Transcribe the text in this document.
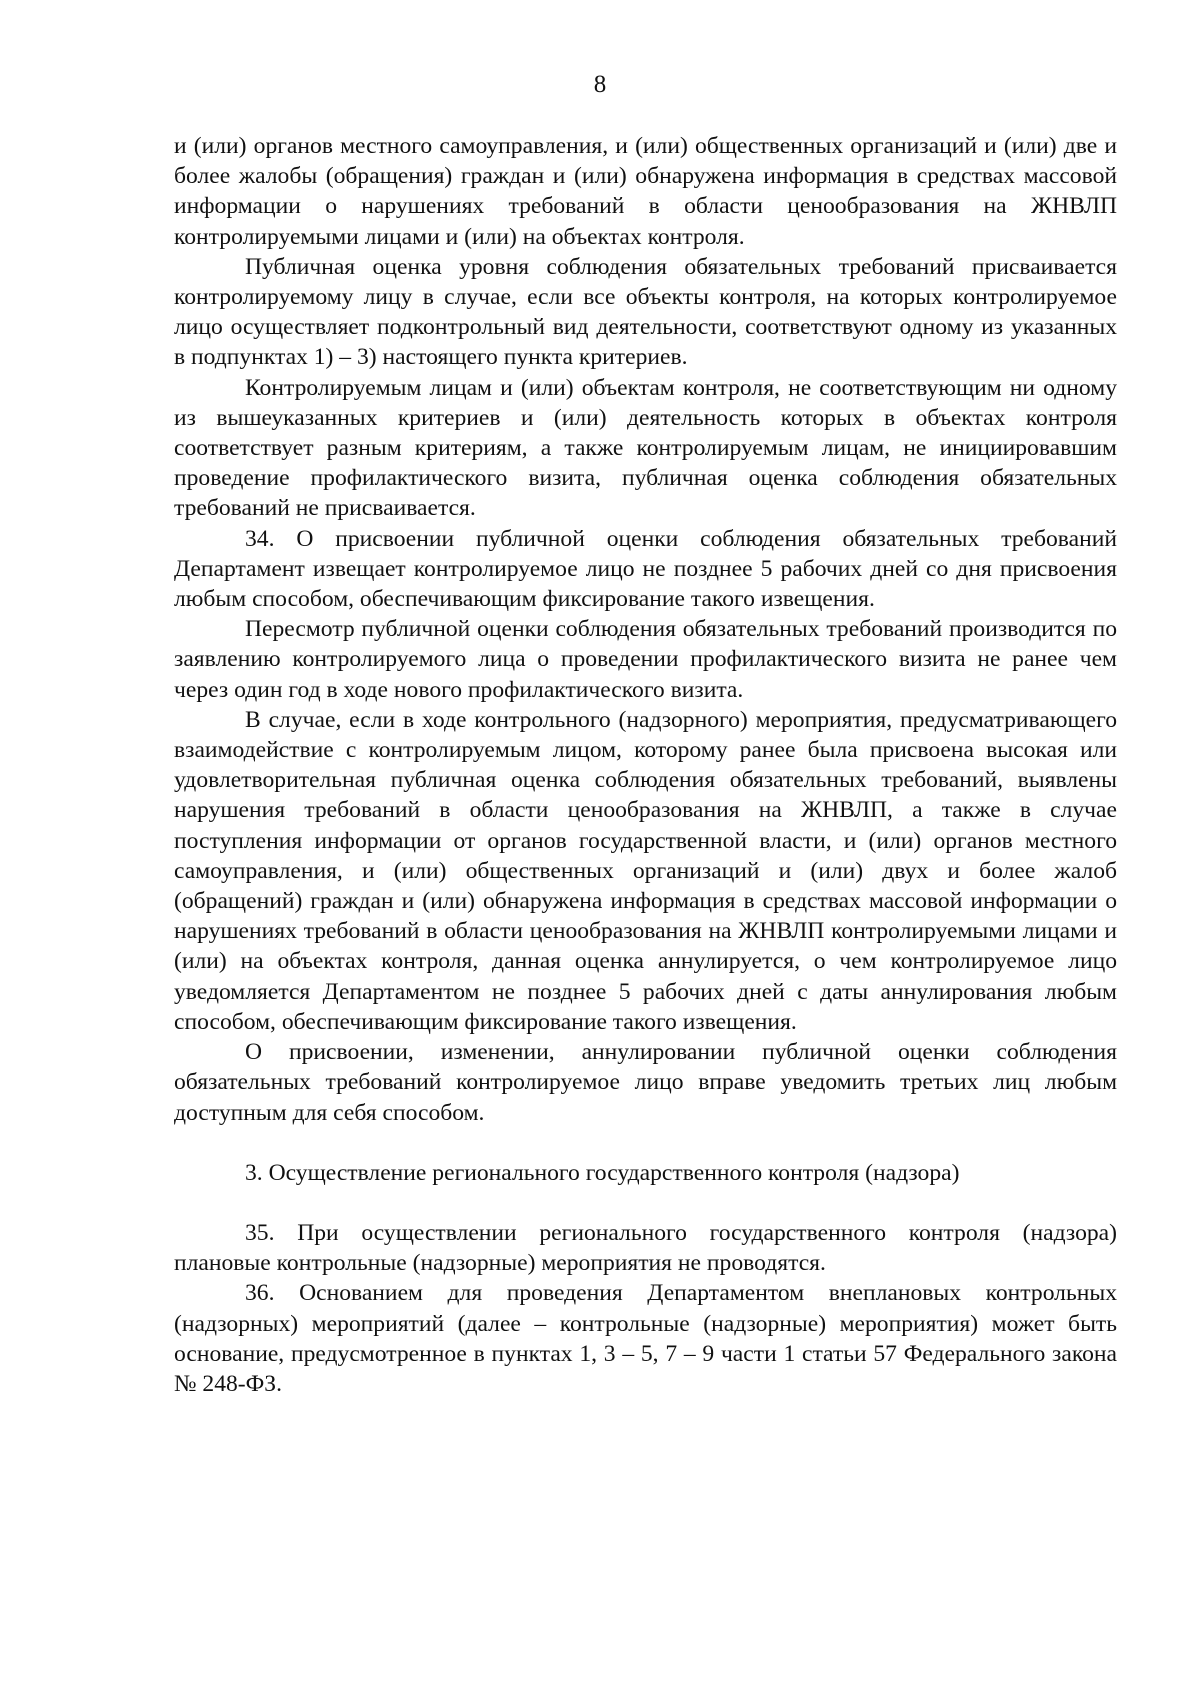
8

и (или) органов местного самоуправления, и (или) общественных организаций и (или) две и более жалобы (обращения) граждан и (или) обнаружена информация в средствах массовой информации о нарушениях требований в области ценообразования на ЖНВЛП контролируемыми лицами и (или) на объектах контроля.

Публичная оценка уровня соблюдения обязательных требований присваивается контролируемому лицу в случае, если все объекты контроля, на которых контролируемое лицо осуществляет подконтрольный вид деятельности, соответствуют одному из указанных в подпунктах 1) – 3) настоящего пункта критериев.

Контролируемым лицам и (или) объектам контроля, не соответствующим ни одному из вышеуказанных критериев и (или) деятельность которых в объектах контроля соответствует разным критериям, а также контролируемым лицам, не инициировавшим проведение профилактического визита, публичная оценка соблюдения обязательных требований не присваивается.

34. О присвоении публичной оценки соблюдения обязательных требований Департамент извещает контролируемое лицо не позднее 5 рабочих дней со дня присвоения любым способом, обеспечивающим фиксирование такого извещения.

Пересмотр публичной оценки соблюдения обязательных требований производится по заявлению контролируемого лица о проведении профилактического визита не ранее чем через один год в ходе нового профилактического визита.

В случае, если в ходе контрольного (надзорного) мероприятия, предусматривающего взаимодействие с контролируемым лицом, которому ранее была присвоена высокая или удовлетворительная публичная оценка соблюдения обязательных требований, выявлены нарушения требований в области ценообразования на ЖНВЛП, а также в случае поступления информации от органов государственной власти, и (или) органов местного самоуправления, и (или) общественных организаций и (или) двух и более жалоб (обращений) граждан и (или) обнаружена информация в средствах массовой информации о нарушениях требований в области ценообразования на ЖНВЛП контролируемыми лицами и (или) на объектах контроля, данная оценка аннулируется, о чем контролируемое лицо уведомляется Департаментом не позднее 5 рабочих дней с даты аннулирования любым способом, обеспечивающим фиксирование такого извещения.

О присвоении, изменении, аннулировании публичной оценки соблюдения обязательных требований контролируемое лицо вправе уведомить третьих лиц любым доступным для себя способом.

3. Осуществление регионального государственного контроля (надзора)

35. При осуществлении регионального государственного контроля (надзора) плановые контрольные (надзорные) мероприятия не проводятся.

36. Основанием для проведения Департаментом внеплановых контрольных (надзорных) мероприятий (далее – контрольные (надзорные) мероприятия) может быть основание, предусмотренное в пунктах 1, 3 – 5, 7 – 9 части 1 статьи 57 Федерального закона № 248-ФЗ.
